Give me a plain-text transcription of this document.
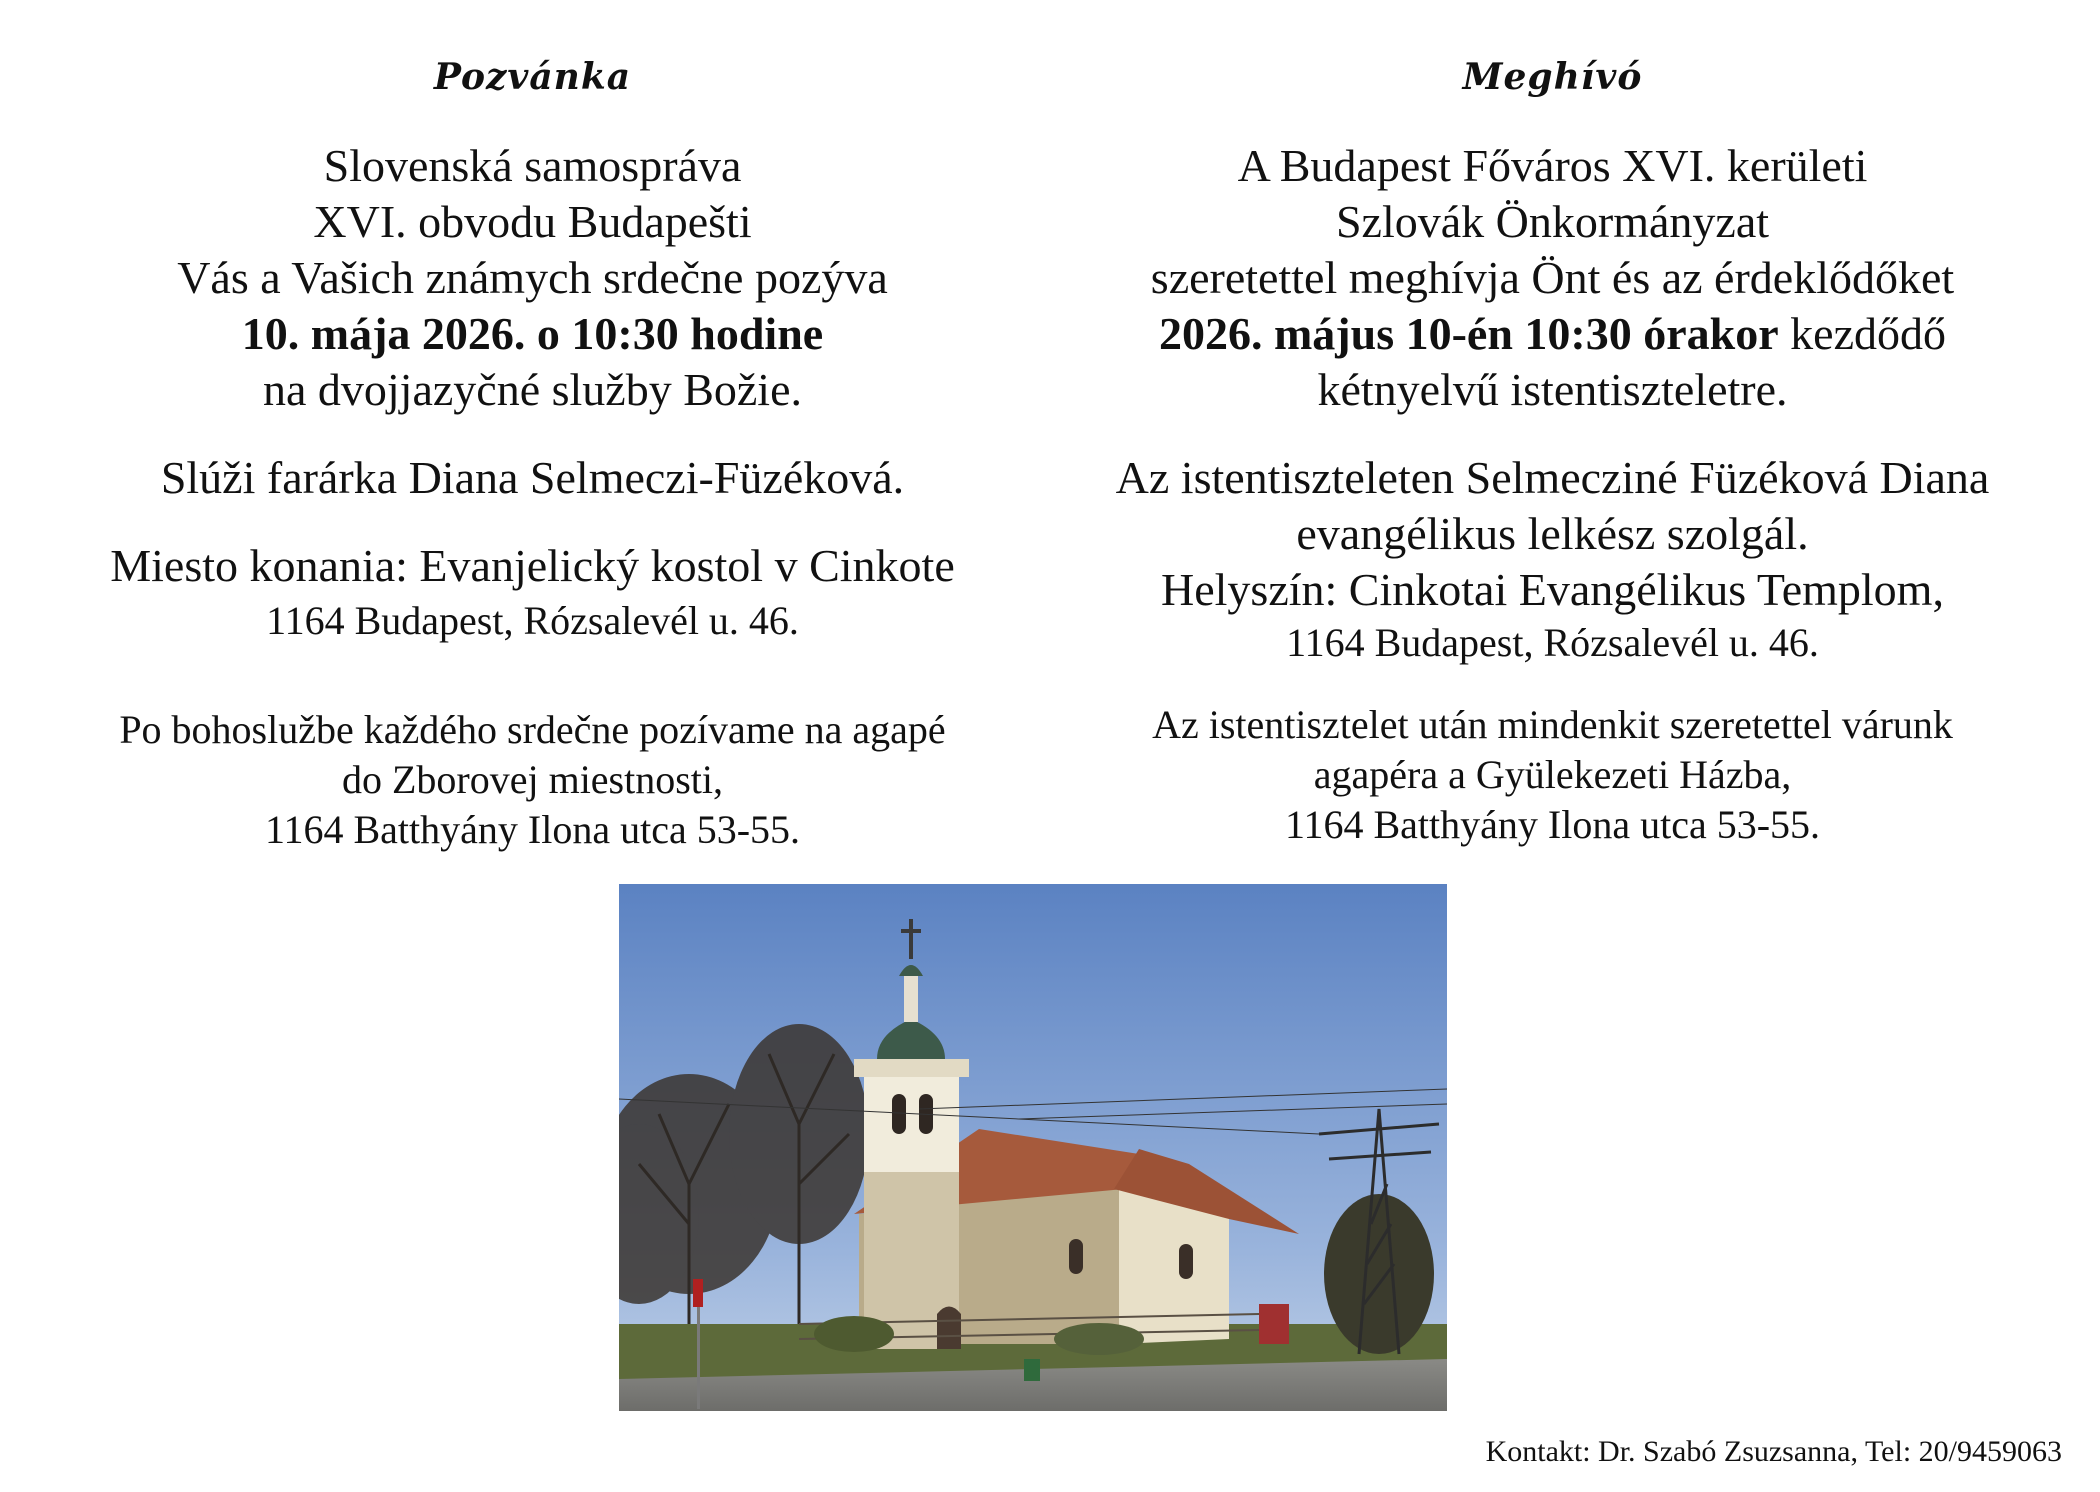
Pozvánka
Slovenská samospráva
XVI. obvodu Budapešti
Vás a Vašich známych srdečne pozýva
10. mája 2026. o 10:30 hodine
na dvojjazyčné služby Božie.
Slúži farárka Diana Selmeczi-Füzéková.
Miesto konania: Evanjelický kostol v Cinkote
1164 Budapest, Rózsalevél u. 46.
Po bohoslužbe každého srdečne pozívame na agapé
do Zborovej miestnosti,
1164 Batthyány Ilona utca 53-55.
Meghívó
A Budapest Főváros XVI. kerületi
Szlovák Önkormányzat
szeretettel meghívja Önt és az érdeklődőket
2026. május 10-én 10:30 órakor kezdődő
kétnyelvű istentiszteletre.
Az istentiszteleten Selmecziné Füzéková Diana
evangélikus lelkész szolgál.
Helyszín: Cinkotai Evangélikus Templom,
1164 Budapest, Rózsalevél u. 46.
Az istentisztelet után mindenkit szeretettel várunk
agapéra a Gyülekezeti Házba,
1164 Batthyány Ilona utca 53-55.
Kontakt: Dr. Szabó Zsuzsanna, Tel: 20/9459063
